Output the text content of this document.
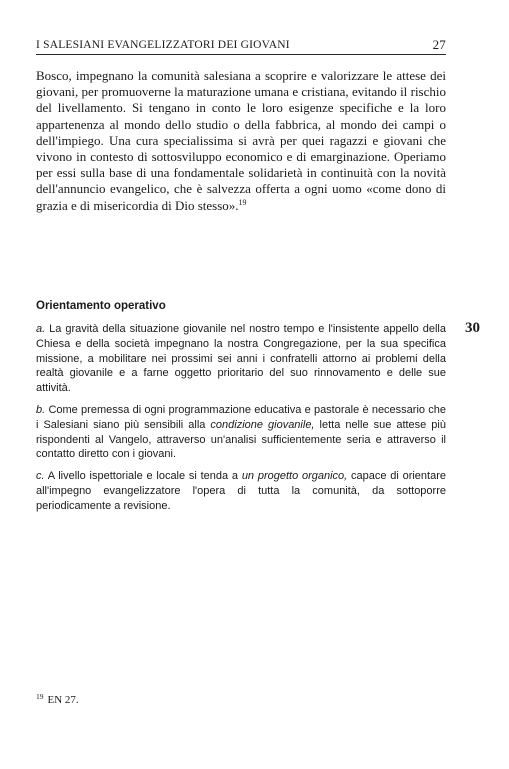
I SALESIANI EVANGELIZZATORI DEI GIOVANI	27

Bosco, impegnano la comunità salesiana a scoprire e valorizzare le attese dei giovani, per promuoverne la maturazione umana e cristiana, evitando il rischio del livellamento. Si tengano in conto le loro esigenze specifiche e la loro appartenenza al mondo dello studio o della fabbrica, al mondo dei campi o dell'impiego. Una cura specialissima si avrà per quei ragazzi e giovani che vivono in contesto di sottosviluppo economico e di emarginazione. Operiamo per essi sulla base di una fondamentale solidarietà in continuità con la novità dell'annuncio evangelico, che è salvezza offerta a ogni uomo «come dono di grazia e di misericordia di Dio stesso».$^{19}$

Orientamento operativo
30

a. La gravità della situazione giovanile nel nostro tempo e l'insistente appello della Chiesa e della società impegnano la nostra Congregazione, per la sua specifica missione, a mobilitare nei prossimi sei anni i confratelli attorno ai problemi della realtà giovanile e a farne oggetto prioritario del suo rinnovamento e delle sue attività.

b. Come premessa di ogni programmazione educativa e pastorale è necessario che i Salesiani siano più sensibili alla condizione giovanile, letta nelle sue attese più rispondenti al Vangelo, attraverso un'analisi sufficientemente seria e attraverso il contatto diretto con i giovani.

c. A livello ispettoriale e locale si tenda a un progetto organico, capace di orientare all'impegno evangelizzatore l'opera di tutta la comunità, da sottoporre periodicamente a revisione.

$^{19}$ EN 27.
